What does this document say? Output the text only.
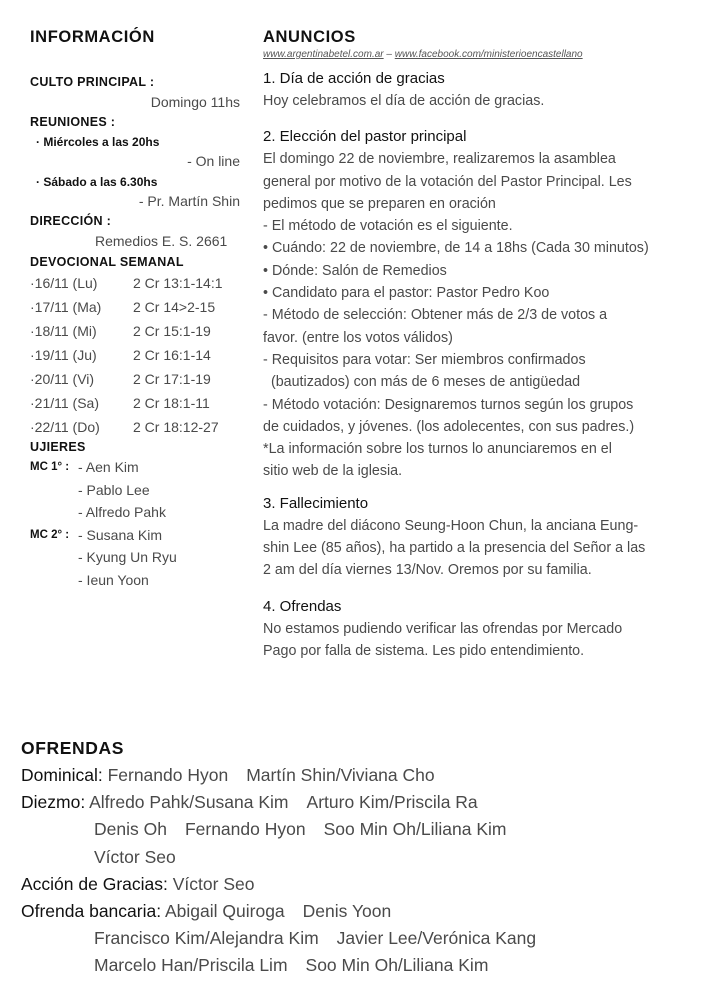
INFORMACIÓN
CULTO PRINCIPAL :
Domingo 11hs
REUNIONES :
· Miércoles a las 20hs
- On line
· Sábado a las 6.30hs
- Pr. Martín Shin
DIRECCIÓN :
Remedios E. S. 2661
DEVOCIONAL SEMANAL
·16/11 (Lu)	2 Cr 13:1-14:1
·17/11 (Ma)	2 Cr 14>2-15
·18/11 (Mi)	2 Cr 15:1-19
·19/11 (Ju)	2 Cr 16:1-14
·20/11 (Vi)	2 Cr 17:1-19
·21/11 (Sa)	2 Cr 18:1-11
·22/11 (Do)	2 Cr 18:12-27
UJIERES
MC 1° : - Aen Kim
- Pablo Lee
- Alfredo Pahk
MC 2° : - Susana Kim
- Kyung Un Ryu
- Ieun Yoon
ANUNCIOS
www.argentinabetel.com.ar – www.facebook.com/ministerioencastellano
1. Día de acción de gracias
Hoy celebramos el día de acción de gracias.
2. Elección del pastor principal
El domingo 22 de noviembre, realizaremos la asamblea
general por motivo de la votación del Pastor Principal. Les
pedimos que se preparen en oración
- El método de votación es el siguiente.
• Cuándo: 22 de noviembre, de 14 a 18hs (Cada 30 minutos)
• Dónde: Salón de Remedios
• Candidato para el pastor: Pastor Pedro Koo
- Método de selección: Obtener más de 2/3 de votos a
favor. (entre los votos válidos)
- Requisitos para votar: Ser miembros confirmados
(bautizados) con más de 6 meses de antigüedad
- Método votación: Designaremos turnos según los grupos
de cuidados, y jóvenes. (los adolecentes, con sus padres.)
*La información sobre los turnos lo anunciaremos en el
sitio web de la iglesia.
3. Fallecimiento
La madre del diácono Seung-Hoon Chun, la anciana Eung-
shin Lee (85 años), ha partido a la presencia del Señor a las
2 am del día viernes 13/Nov. Oremos por su familia.
4. Ofrendas
No estamos pudiendo verificar las ofrendas por Mercado
Pago por falla de sistema. Les pido entendimiento.
OFRENDAS
Dominical: Fernando Hyon Martín Shin/Viviana Cho
Diezmo: Alfredo Pahk/Susana Kim Arturo Kim/Priscila Ra
Denis Oh Fernando Hyon Soo Min Oh/Liliana Kim
Víctor Seo
Acción de Gracias: Víctor Seo
Ofrenda bancaria: Abigail Quiroga Denis Yoon
Francisco Kim/Alejandra Kim Javier Lee/Verónica Kang
Marcelo Han/Priscila Lim Soo Min Oh/Liliana Kim
